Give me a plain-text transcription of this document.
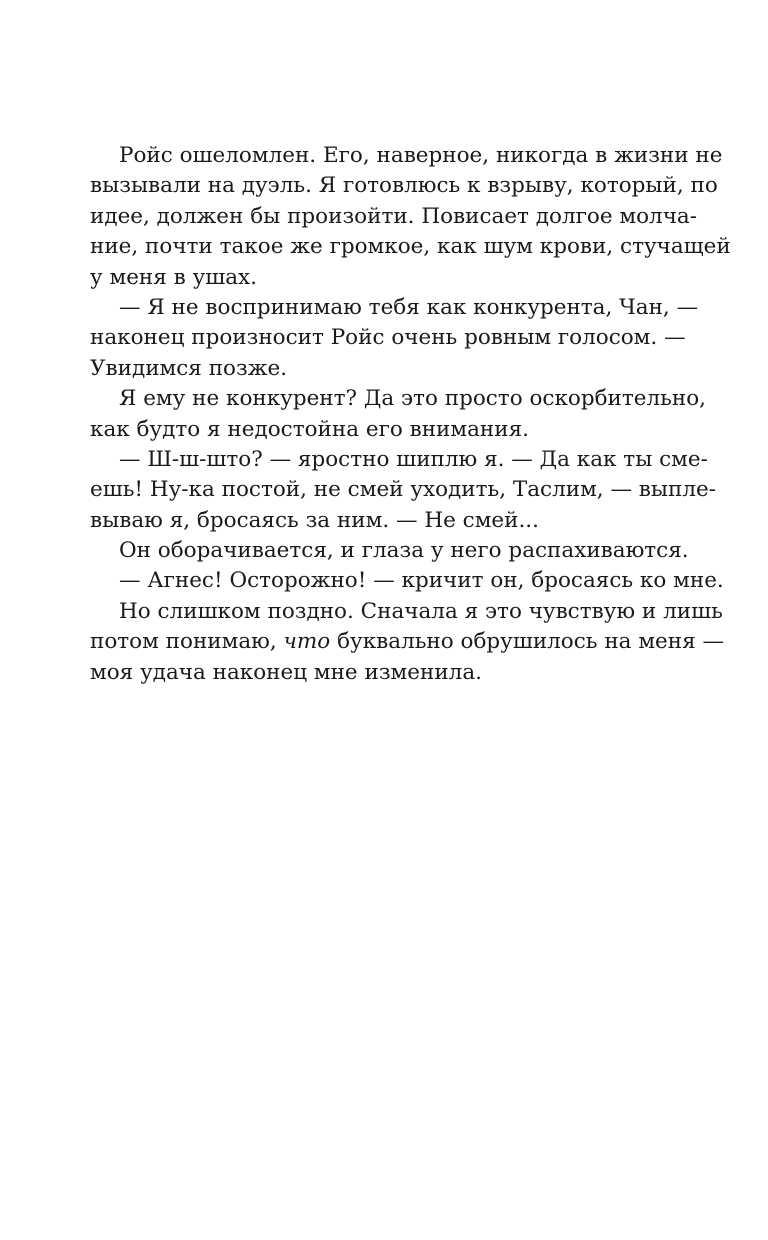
Ройс ошеломлен. Его, наверное, никогда в жизни не
вызывали на дуэль. Я готовлюсь к взрыву, который, по
идее, должен бы произойти. Повисает долгое молча-
ние, почти такое же громкое, как шум крови, стучащей
у меня в ушах.
— Я не воспринимаю тебя как конкурента, Чан, —
наконец произносит Ройс очень ровным голосом. —
Увидимся позже.
Я ему не конкурент? Да это просто оскорбительно,
как будто я недостойна его внимания.
— Ш-ш-што? — яростно шиплю я. — Да как ты сме-
ешь! Ну-ка постой, не смей уходить, Таслим, — выпле-
вываю я, бросаясь за ним. — Не смей...
Он оборачивается, и глаза у него распахиваются.
— Агнес! Осторожно! — кричит он, бросаясь ко мне.
Но слишком поздно. Сначала я это чувствую и лишь
потом понимаю, что буквально обрушилось на меня —
моя удача наконец мне изменила.
